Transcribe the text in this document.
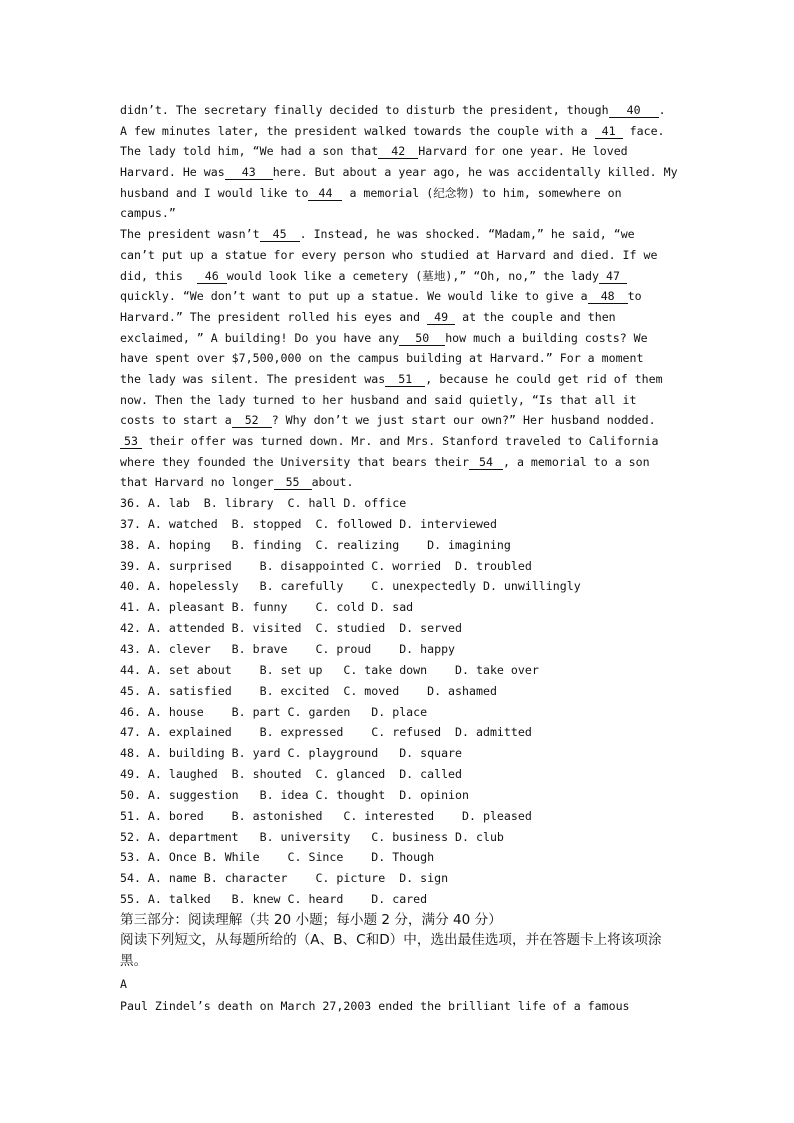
didn’t. The secretary finally decided to disturb the president, though 40 .
A few minutes later, the president walked towards the couple with a 41 face.
The lady told him, “We had a son that 42 Harvard for one year. He loved
Harvard. He was 43 here. But about a year ago, he was accidentally killed. My
husband and I would like to 44 a memorial (纪念物) to him, somewhere on
campus.”
The president wasn’t 45 . Instead, he was shocked. “Madam,” he said, “we
can’t put up a statue for every person who studied at Harvard and died. If we
did, this  46 would look like a cemetery (墓地),” “Oh, no,” the lady 47
quickly. “We don’t want to put up a statue. We would like to give a 48 to
Harvard.” The president rolled his eyes and 49 at the couple and then
exclaimed, ” A building! Do you have any 50 how much a building costs? We
have spent over $7,500,000 on the campus building at Harvard.” For a moment
the lady was silent. The president was 51 , because he could get rid of them
now. Then the lady turned to her husband and said quietly, “Is that all it
costs to start a 52 ? Why don’t we just start our own?” Her husband nodded.
53 their offer was turned down. Mr. and Mrs. Stanford traveled to California
where they founded the University that bears their 54 , a memorial to a son
that Harvard no longer 55 about.
36. A. lab  B. library  C. hall D. office
37. A. watched  B. stopped  C. followed D. interviewed
38. A. hoping   B. finding  C. realizing    D. imagining
39. A. surprised    B. disappointed C. worried  D. troubled
40. A. hopelessly   B. carefully    C. unexpectedly D. unwillingly
41. A. pleasant B. funny    C. cold D. sad
42. A. attended B. visited  C. studied  D. served
43. A. clever   B. brave    C. proud    D. happy
44. A. set about    B. set up   C. take down    D. take over
45. A. satisfied    B. excited  C. moved    D. ashamed
46. A. house    B. part C. garden   D. place
47. A. explained    B. expressed    C. refused  D. admitted
48. A. building B. yard C. playground   D. square
49. A. laughed  B. shouted  C. glanced  D. called
50. A. suggestion   B. idea C. thought  D. opinion
51. A. bored    B. astonished   C. interested    D. pleased
52. A. department   B. university   C. business D. club
53. A. Once B. While    C. Since    D. Though
54. A. name B. character    C. picture  D. sign
55. A. talked   B. knew C. heard    D. cared
第三部分：阅读理解（共 20 小题；每小题 2 分，满分 40 分）
阅读下列短文，从每题所给的（A、B、C和D）中，选出最佳选项，并在答题卡上将该项涂黑。
A
Paul Zindel’s death on March 27,2003 ended the brilliant life of a famous
